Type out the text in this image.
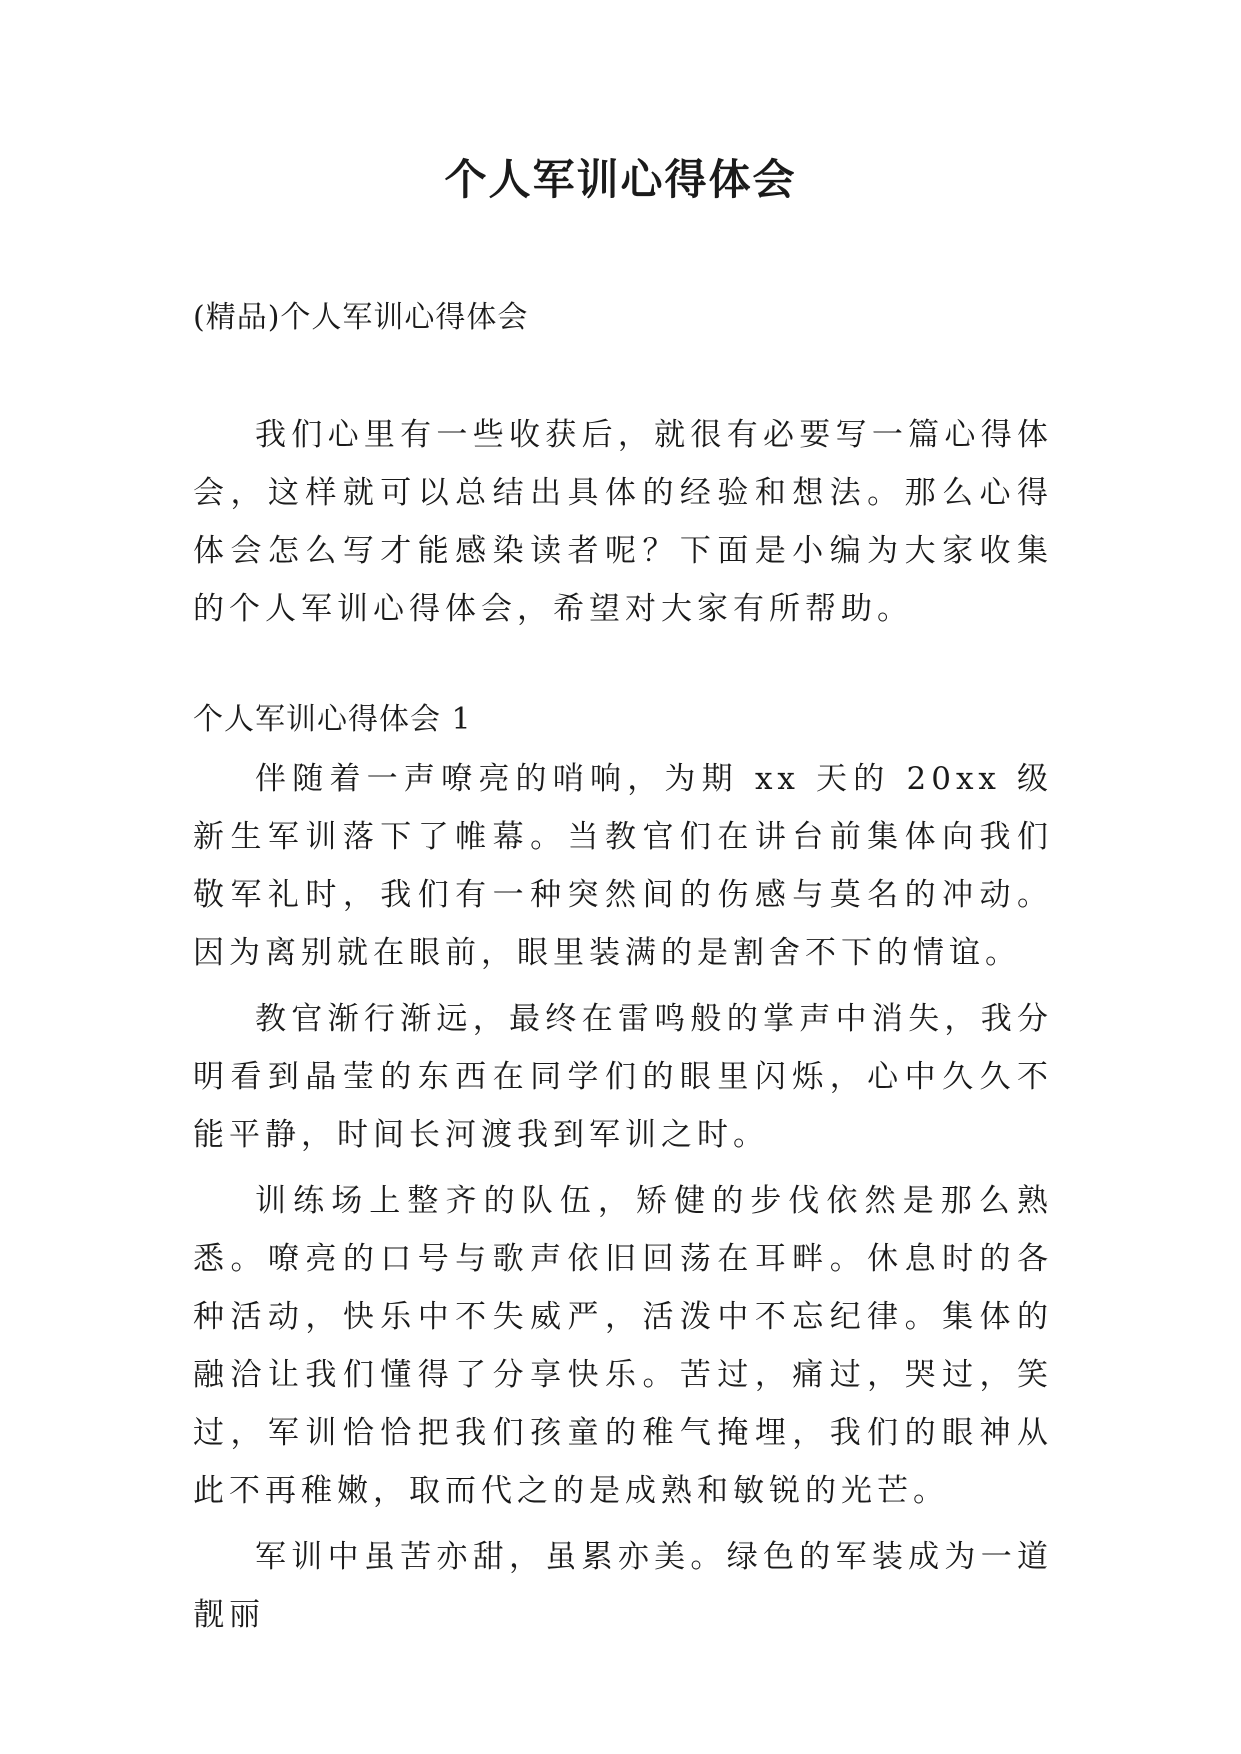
个人军训心得体会
(精品)个人军训心得体会

我们心里有一些收获后，就很有必要写一篇心得体会，这样就可以总结出具体的经验和想法。那么心得体会怎么写才能感染读者呢？下面是小编为大家收集的个人军训心得体会，希望对大家有所帮助。

个人军训心得体会 1

伴随着一声嘹亮的哨响，为期 xx 天的 20xx 级新生军训落下了帷幕。当教官们在讲台前集体向我们敬军礼时，我们有一种突然间的伤感与莫名的冲动。因为离别就在眼前，眼里装满的是割舍不下的情谊。

教官渐行渐远，最终在雷鸣般的掌声中消失，我分明看到晶莹的东西在同学们的眼里闪烁，心中久久不能平静，时间长河渡我到军训之时。

训练场上整齐的队伍，矫健的步伐依然是那么熟悉。嘹亮的口号与歌声依旧回荡在耳畔。休息时的各种活动，快乐中不失威严，活泼中不忘纪律。集体的融洽让我们懂得了分享快乐。苦过，痛过，哭过，笑过，军训恰恰把我们孩童的稚气掩埋，我们的眼神从此不再稚嫩，取而代之的是成熟和敏锐的光芒。

军训中虽苦亦甜，虽累亦美。绿色的军装成为一道靓丽
